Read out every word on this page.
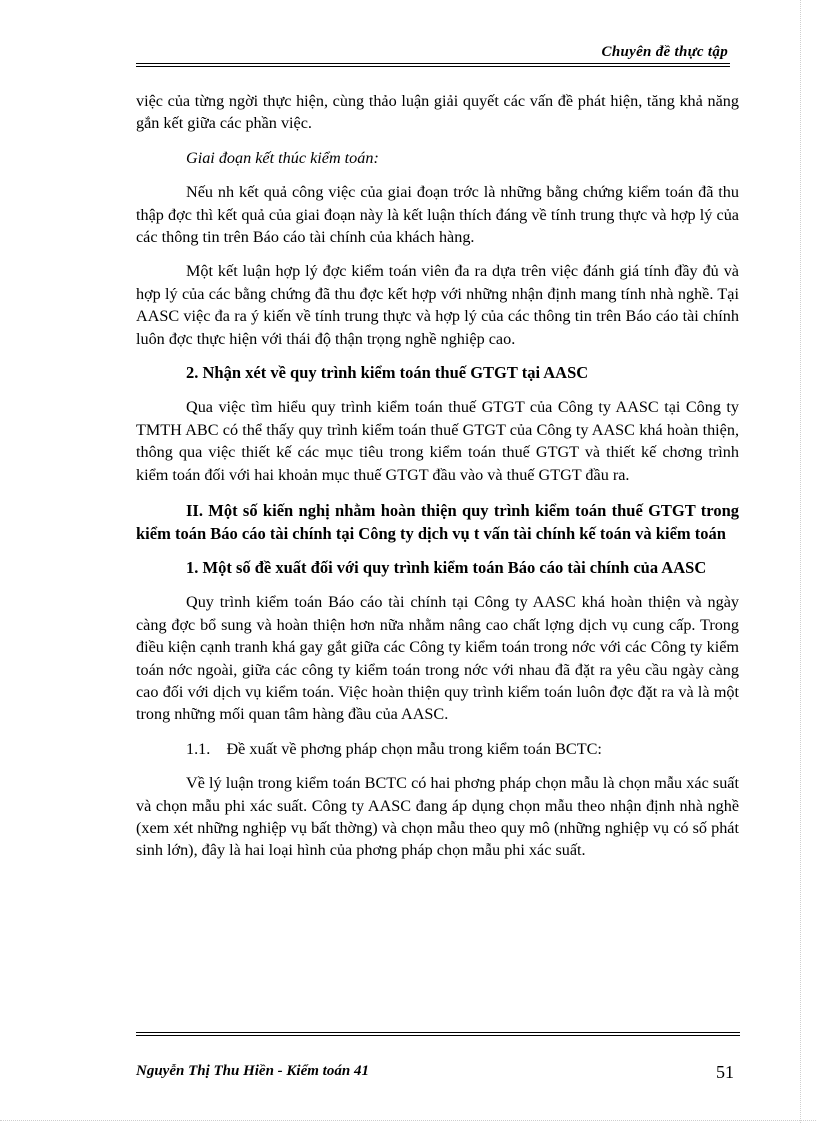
Chuyên đề thực tập

việc của từng ngời thực hiện, cùng thảo luận giải quyết các vấn đề phát hiện, tăng khả năng gắn kết giữa các phần việc.

Giai đoạn kết thúc kiểm toán:

Nếu nh kết quả công việc của giai đoạn trớc là những bằng chứng kiểm toán đã thu thập đợc thì kết quả của giai đoạn này là kết luận thích đáng về tính trung thực và hợp lý của các thông tin trên Báo cáo tài chính của khách hàng.

Một kết luận hợp lý đợc kiểm toán viên đa ra dựa trên việc đánh giá tính đầy đủ và hợp lý của các bằng chứng đã thu đợc kết hợp với những nhận định mang tính nhà nghề. Tại AASC việc đa ra ý kiến về tính trung thực và hợp lý của các thông tin trên Báo cáo tài chính luôn đợc thực hiện với thái độ thận trọng nghề nghiệp cao.

2. Nhận xét về quy trình kiểm toán thuế GTGT tại AASC

Qua việc tìm hiểu quy trình kiểm toán thuế GTGT của Công ty AASC tại Công ty TMTH ABC có thể thấy quy trình kiểm toán thuế GTGT của Công ty AASC khá hoàn thiện, thông qua việc thiết kế các mục tiêu trong kiểm toán thuế GTGT và thiết kế chơng trình kiểm toán đối với hai khoản mục thuế GTGT đầu vào và thuế GTGT đầu ra.

II. Một số kiến nghị nhằm hoàn thiện quy trình kiểm toán thuế GTGT trong kiểm toán Báo cáo tài chính tại Công ty dịch vụ t vấn tài chính kế toán và kiểm toán

1. Một số đề xuất đối với quy trình kiểm toán Báo cáo tài chính của AASC

Quy trình kiểm toán Báo cáo tài chính tại Công ty AASC khá hoàn thiện và ngày càng đợc bổ sung và hoàn thiện hơn nữa nhằm nâng cao chất lợng dịch vụ cung cấp. Trong điều kiện cạnh tranh khá gay gắt giữa các Công ty kiểm toán trong nớc với các Công ty kiểm toán nớc ngoài, giữa các công ty kiểm toán trong nớc với nhau đã đặt ra yêu cầu ngày càng cao đối với dịch vụ kiểm toán. Việc hoàn thiện quy trình kiểm toán luôn đợc đặt ra và là một trong những mối quan tâm hàng đầu của AASC.

1.1.    Đề xuất về phơng pháp chọn mẫu trong kiểm toán BCTC:

Về lý luận trong kiểm toán BCTC có hai phơng pháp chọn mẫu là chọn mẫu xác suất và chọn mẫu phi xác suất. Công ty AASC đang áp dụng chọn mẫu theo nhận định nhà nghề (xem xét những nghiệp vụ bất thờng) và chọn mẫu theo quy mô (những nghiệp vụ có số phát sinh lớn), đây là hai loại hình của phơng pháp chọn mẫu phi xác suất.

Nguyễn Thị Thu Hiền - Kiểm toán 41	51
